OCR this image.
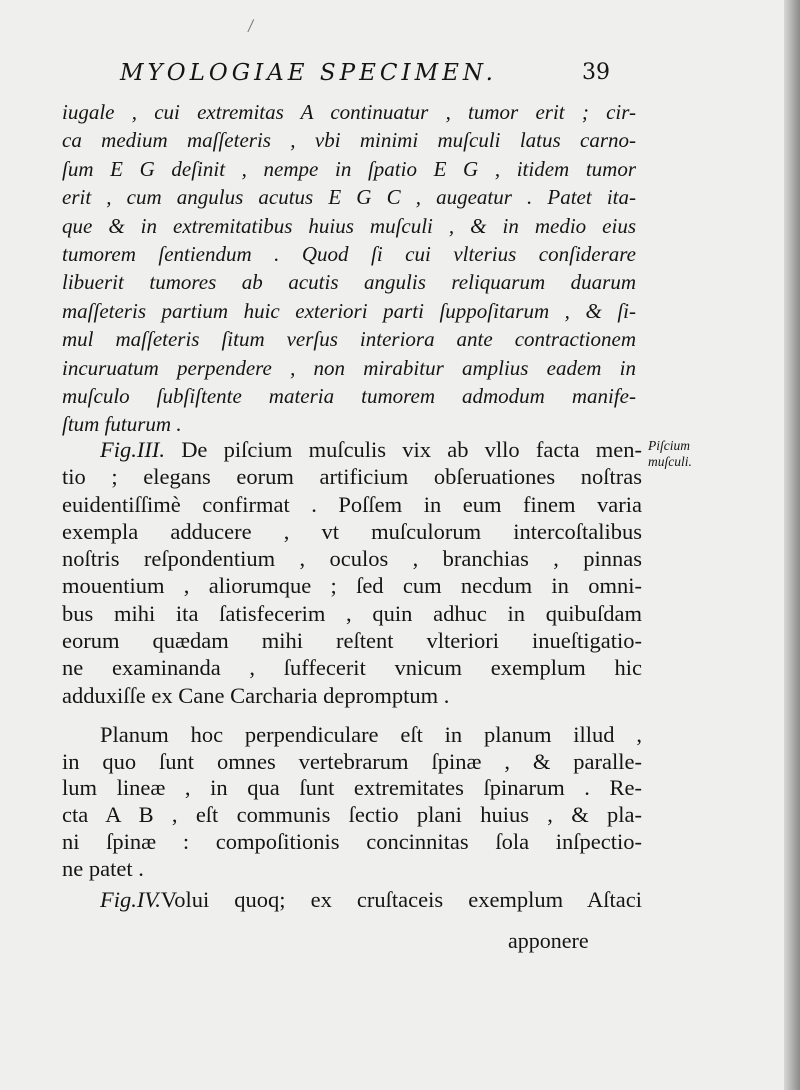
MYOLOGIAE SPECIMEN.	39
iugale , cui extremitas A continuatur , tumor erit ; cir-
ca medium maſſeteris , vbi minimi muſculi latus carno-
ſum E G deſinit , nempe in ſpatio E G , itidem tumor
erit , cum angulus acutus E G C , augeatur . Patet ita-
que & in extremitatibus huius muſculi , & in medio eius
tumorem ſentiendum . Quod ſi cui vlterius conſiderare
libuerit tumores ab acutis angulis reliquarum duarum
maſſeteris partium huic exteriori parti ſuppoſitarum , & ſi-
mul maſſeteris ſitum verſus interiora ante contractionem
incuruatum perpendere , non mirabitur amplius eadem in
muſculo ſubſiſtente materia tumorem admodum manife-
ſtum futurum .
Fig.III. De piſcium muſculis vix ab vllo facta men-
tio ; elegans eorum artificium obſeruationes noſtras
euidentiſſimè confirmat . Poſſem in eum finem varia
exempla adducere , vt muſculorum intercoſtalibus
noſtris reſpondentium , oculos , branchias , pinnas
mouentium , aliorumque ; ſed cum necdum in omni-
bus mihi ita ſatisfecerim , quin adhuc in quibuſdam
eorum quædam mihi reſtent vlteriori inueſtigatio-
ne examinanda , ſuffecerit vnicum exemplum hic
adduxiſſe ex Cane Carcharia depromptum .
Piſcium
muſculi.
Planum hoc perpendiculare eſt in planum illud ,
in quo ſunt omnes vertebrarum ſpinæ , & paralle-
lum lineæ , in qua ſunt extremitates ſpinarum . Re-
cta A B , eſt communis ſectio plani huius , & pla-
ni ſpinæ : compoſitionis concinnitas ſola inſpectio-
ne patet .
Fig.IV.Volui quoq; ex cruſtaceis exemplum Aſtaci
apponere
